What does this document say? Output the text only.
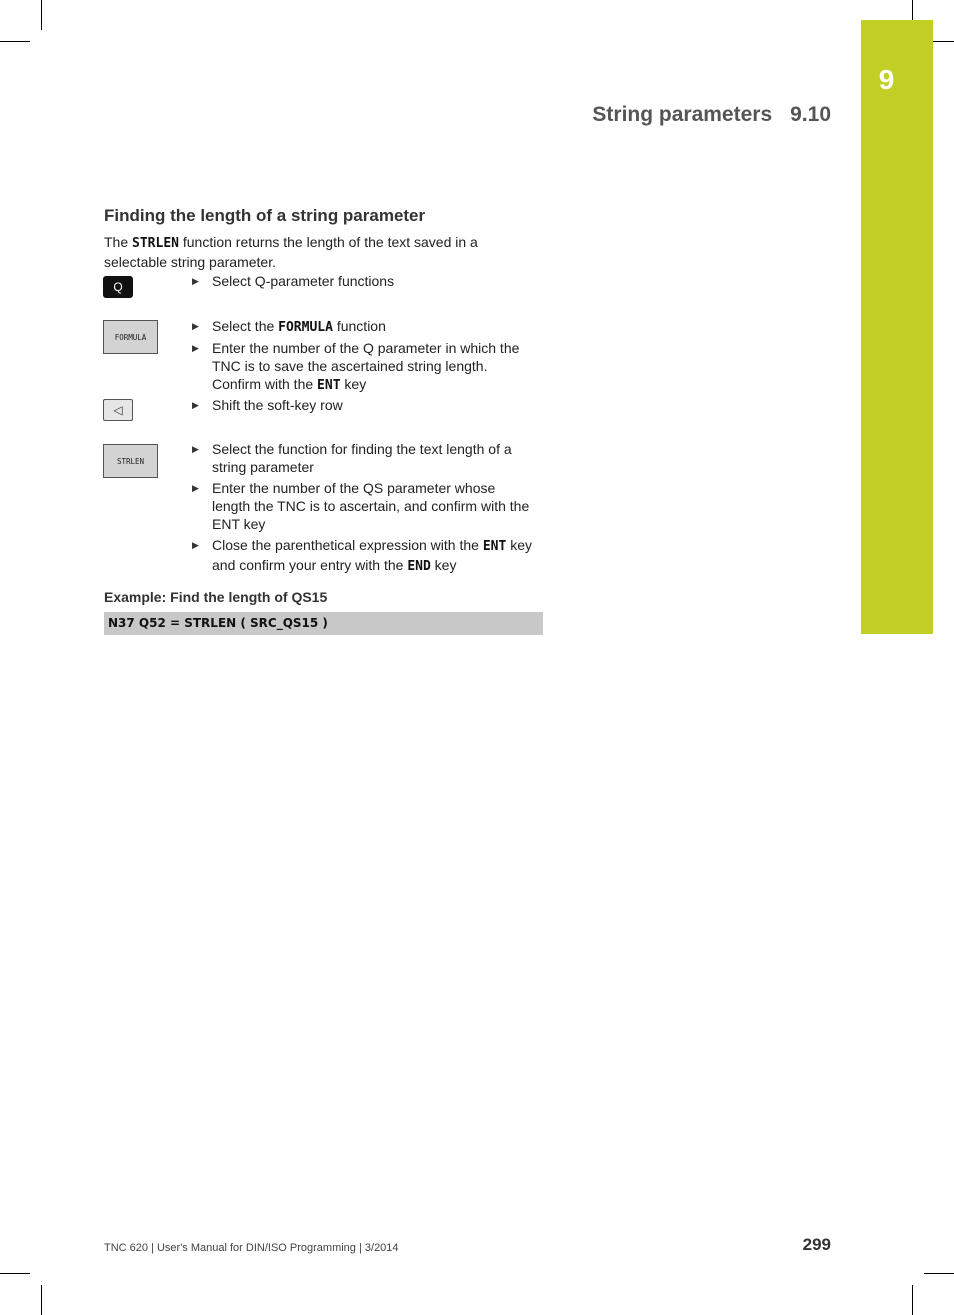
9
String parameters 9.10
Finding the length of a string parameter
The STRLEN function returns the length of the text saved in a selectable string parameter.
Q
FORMULA
◁
STRLEN
▶ Select Q-parameter functions
▶ Select the FORMULA function
▶ Enter the number of the Q parameter in which the TNC is to save the ascertained string length. Confirm with the ENT key
▶ Shift the soft-key row
▶ Select the function for finding the text length of a string parameter
▶ Enter the number of the QS parameter whose length the TNC is to ascertain, and confirm with the ENT key
▶ Close the parenthetical expression with the ENT key and confirm your entry with the END key
Example: Find the length of QS15
N37 Q52 = STRLEN ( SRC_QS15 )
TNC 620 | User's Manual for DIN/ISO Programming | 3/2014	299
